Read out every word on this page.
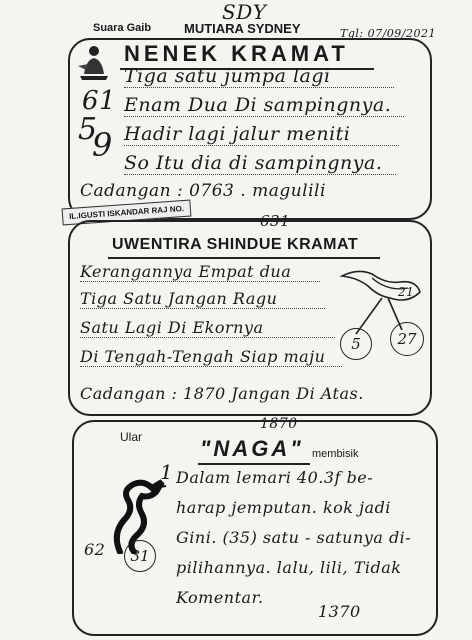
SDY
Suara Gaib	MUTIARA SYDNEY	Tgl: 07/09/2021
NENEK KRAMAT
61
5
9
Tiga satu jumpa lagi
Enam Dua Di sampingnya.
Hadir lagi jalur meniti
So Itu dia di sampingnya.
Cadangan : 0763 . magulili
IL.IGUSTI ISKANDAR RAJ NO.	631
UWENTIRA SHINDUE KRAMAT
Kerangannya Empat dua
Tiga Satu Jangan Ragu
Satu Lagi Di Ekornya
Di Tengah-Tengah Siap maju
Cadangan : 1870 Jangan Di Atas.
5
21
27
1870
Ular	"NAGA" membisik
1
62 31
Dalam lemari 40.3f be-
harap jemputan. kok jadi
Gini. (35) satu - satunya di-
pilihannya. lalu, lili, Tidak
Komentar.
1370
